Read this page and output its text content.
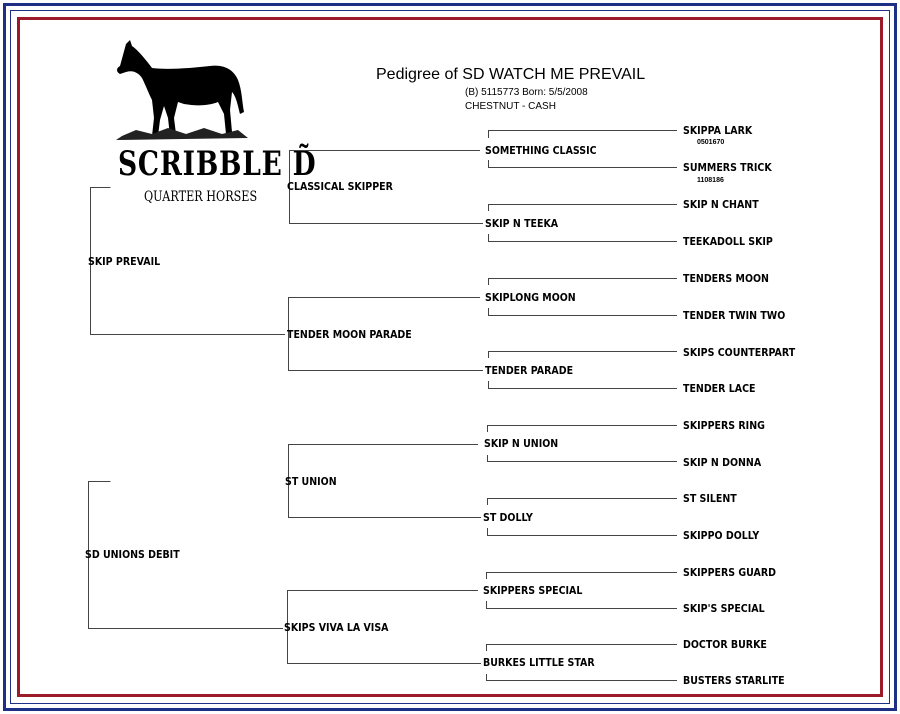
SCRIBBLE D̃
QUARTER HORSES
Pedigree of SD WATCH ME PREVAIL
(B) 5115773 Born: 5/5/2008
CHESTNUT - CASH
SKIP PREVAIL
SD UNIONS DEBIT
CLASSICAL SKIPPER
TENDER MOON PARADE
ST UNION
SKIPS VIVA LA VISA
SOMETHING CLASSIC
SKIP N TEEKA
SKIPLONG MOON
TENDER PARADE
SKIP N UNION
ST DOLLY
SKIPPERS SPECIAL
BURKES LITTLE STAR
SKIPPA LARK
0501670
SUMMERS TRICK
1108186
SKIP N CHANT
TEEKADOLL SKIP
TENDERS MOON
TENDER TWIN TWO
SKIPS COUNTERPART
TENDER LACE
SKIPPERS RING
SKIP N DONNA
ST SILENT
SKIPPO DOLLY
SKIPPERS GUARD
SKIP'S SPECIAL
DOCTOR BURKE
BUSTERS STARLITE
